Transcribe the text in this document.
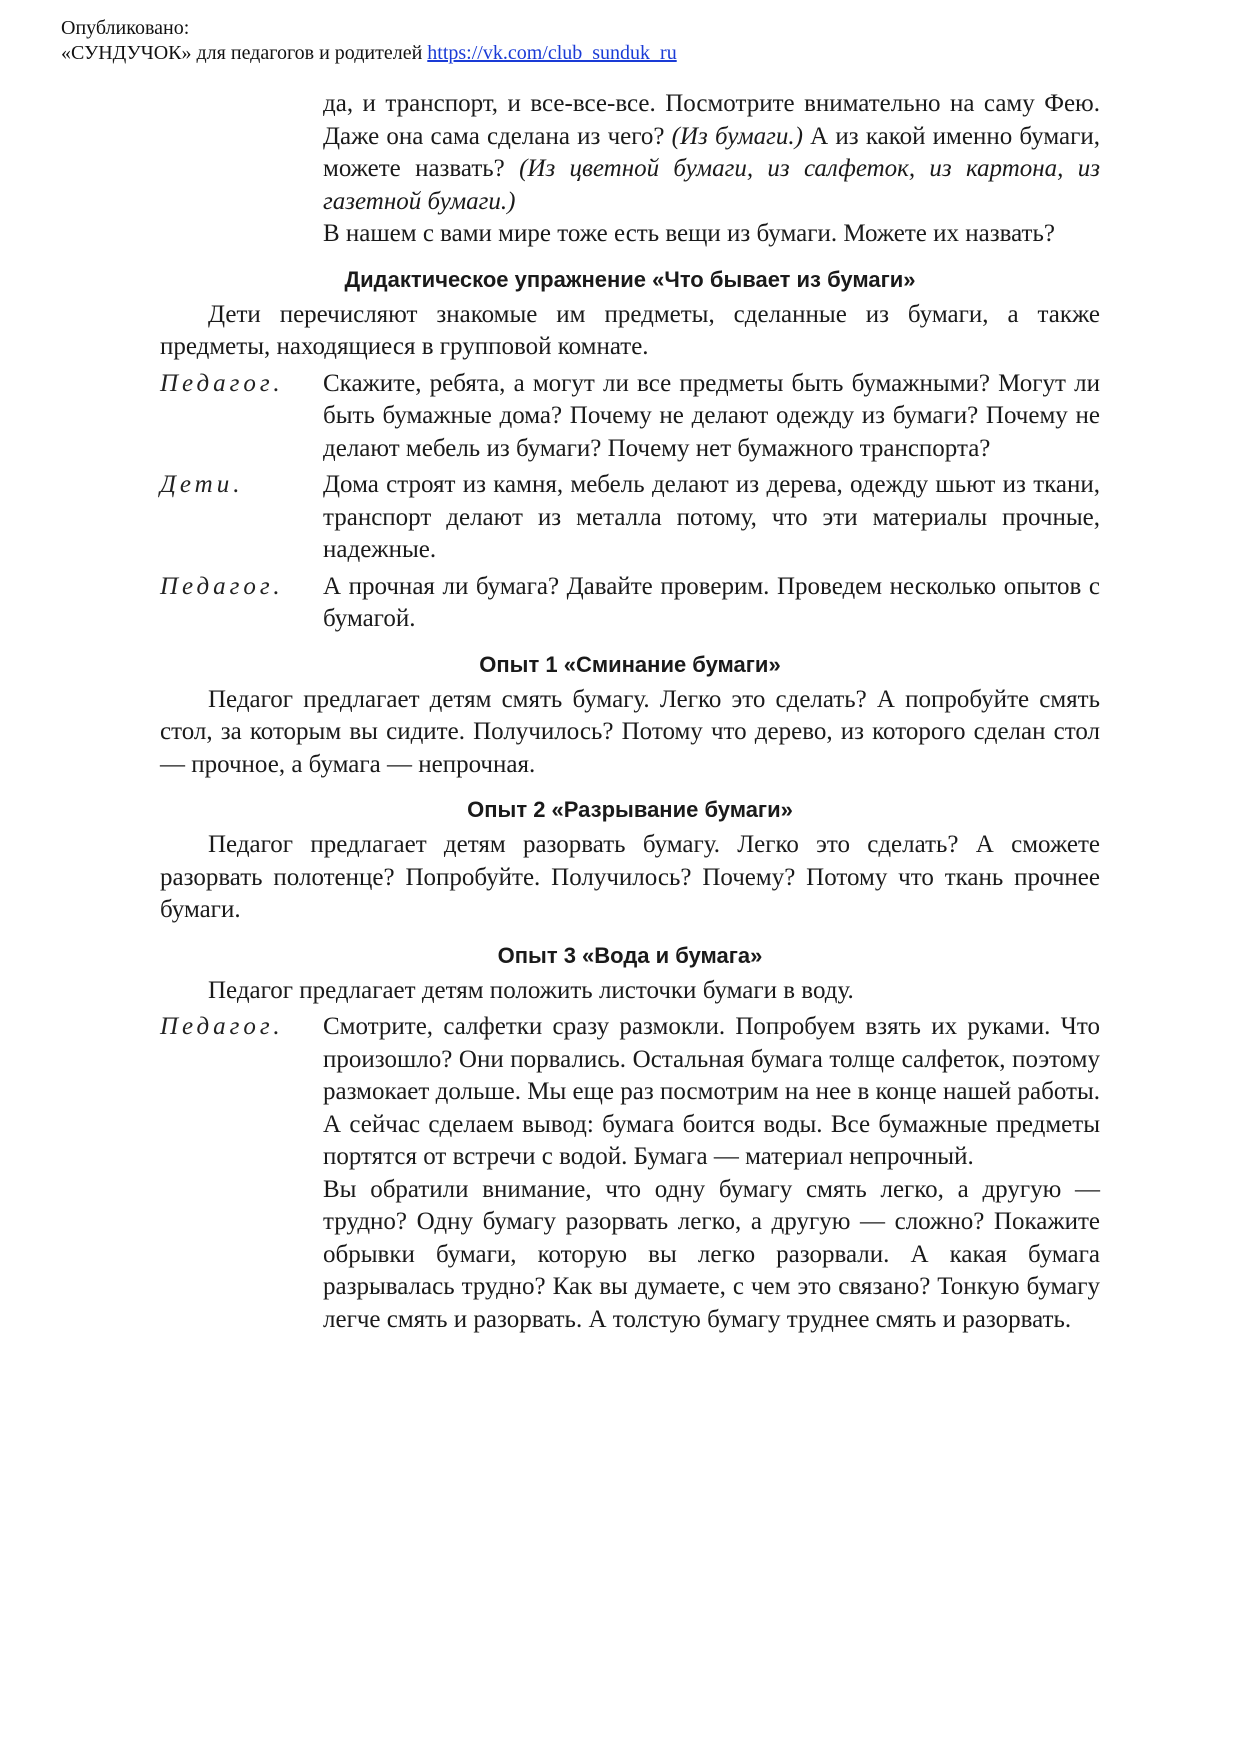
Опубликовано:
«СУНДУЧОК» для педагогов и родителей https://vk.com/club_sunduk_ru

да, и транспорт, и все-все-все. Посмотрите внимательно на саму Фею. Даже она сама сделана из чего? (Из бумаги.) А из какой именно бумаги, можете назвать? (Из цветной бумаги, из салфеток, из картона, из газетной бумаги.)

В нашем с вами мире тоже есть вещи из бумаги. Можете их назвать?

Дидактическое упражнение «Что бывает из бумаги»

Дети перечисляют знакомые им предметы, сделанные из бумаги, а также предметы, находящиеся в групповой комнате.

Педагог.	Скажите, ребята, а могут ли все предметы быть бумажными? Могут ли быть бумажные дома? Почему не делают одежду из бумаги? Почему не делают мебель из бумаги? Почему нет бумажного транспорта?
Дети.	Дома строят из камня, мебель делают из дерева, одежду шьют из ткани, транспорт делают из металла потому, что эти материалы прочные, надежные.
Педагог.	А прочная ли бумага? Давайте проверим. Проведем несколько опытов с бумагой.
Опыт 1 «Сминание бумаги»

Педагог предлагает детям смять бумагу. Легко это сделать? А попробуйте смять стол, за которым вы сидите. Получилось? Потому что дерево, из которого сделан стол — прочное, а бумага — непрочная.

Опыт 2 «Разрывание бумаги»

Педагог предлагает детям разорвать бумагу. Легко это сделать? А сможете разорвать полотенце? Попробуйте. Получилось? Почему? Потому что ткань прочнее бумаги.

Опыт 3 «Вода и бумага»

Педагог предлагает детям положить листочки бумаги в воду.

Педагог.	Смотрите, салфетки сразу размокли. Попробуем взять их руками. Что произошло? Они порвались. Остальная бумага толще салфеток, поэтому размокает дольше. Мы еще раз посмотрим на нее в конце нашей работы. А сейчас сделаем вывод: бумага боится воды. Все бумажные предметы портятся от встречи с водой. Бумага — материал непрочный.

Вы обратили внимание, что одну бумагу смять легко, а другую — трудно? Одну бумагу разорвать легко, а другую — сложно? Покажите обрывки бумаги, которую вы легко разорвали. А какая бумага разрывалась трудно? Как вы думаете, с чем это связано? Тонкую бумагу легче смять и разорвать. А толстую бумагу труднее смять и разорвать.
